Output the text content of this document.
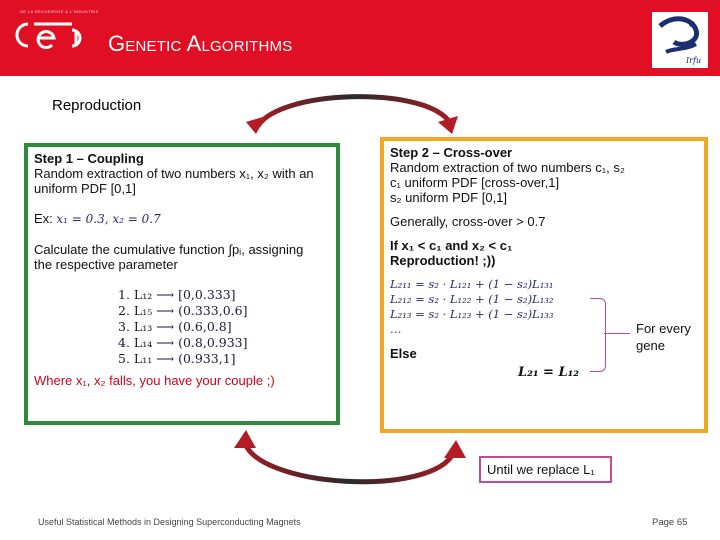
DE LA RECHERCHE À L'INDUSTRIE
Genetic Algorithms
Irfu
Reproduction
Step 1 – Coupling
Random extraction of two numbers x₁, x₂ with an
uniform PDF [0,1]
Ex: x₁ = 0.3, x₂ = 0.7
Calculate the cumulative function ∫pᵢ, assigning
the respective parameter
1. L₁₂ ⟶ [0,0.333]
2. L₁₅ ⟶ (0.333,0.6]
3. L₁₃ ⟶ (0.6,0.8]
4. L₁₄ ⟶ (0.8,0.933]
5. L₁₁ ⟶ (0.933,1]
Where x₁, x₂ falls, you have your couple ;)
Step 2 – Cross-over
Random extraction of two numbers c₁, s₂
c₁ uniform PDF [cross-over,1]
s₂ uniform PDF [0,1]
Generally, cross-over > 0.7
If x₁ < c₁ and x₂ < c₁
Reproduction! ;))
L₂₁₁ = s₂ · L₁₂₁ + (1 − s₂)L₁₃₁
L₂₁₂ = s₂ · L₁₂₂ + (1 − s₂)L₁₃₂
L₂₁₃ = s₂ · L₁₂₃ + (1 − s₂)L₁₃₃
…
Else
L₂₁ = L₁₂
For every gene
Until we replace L₁
Useful Statistical Methods in Designing Superconducting Magnets	Page 65
